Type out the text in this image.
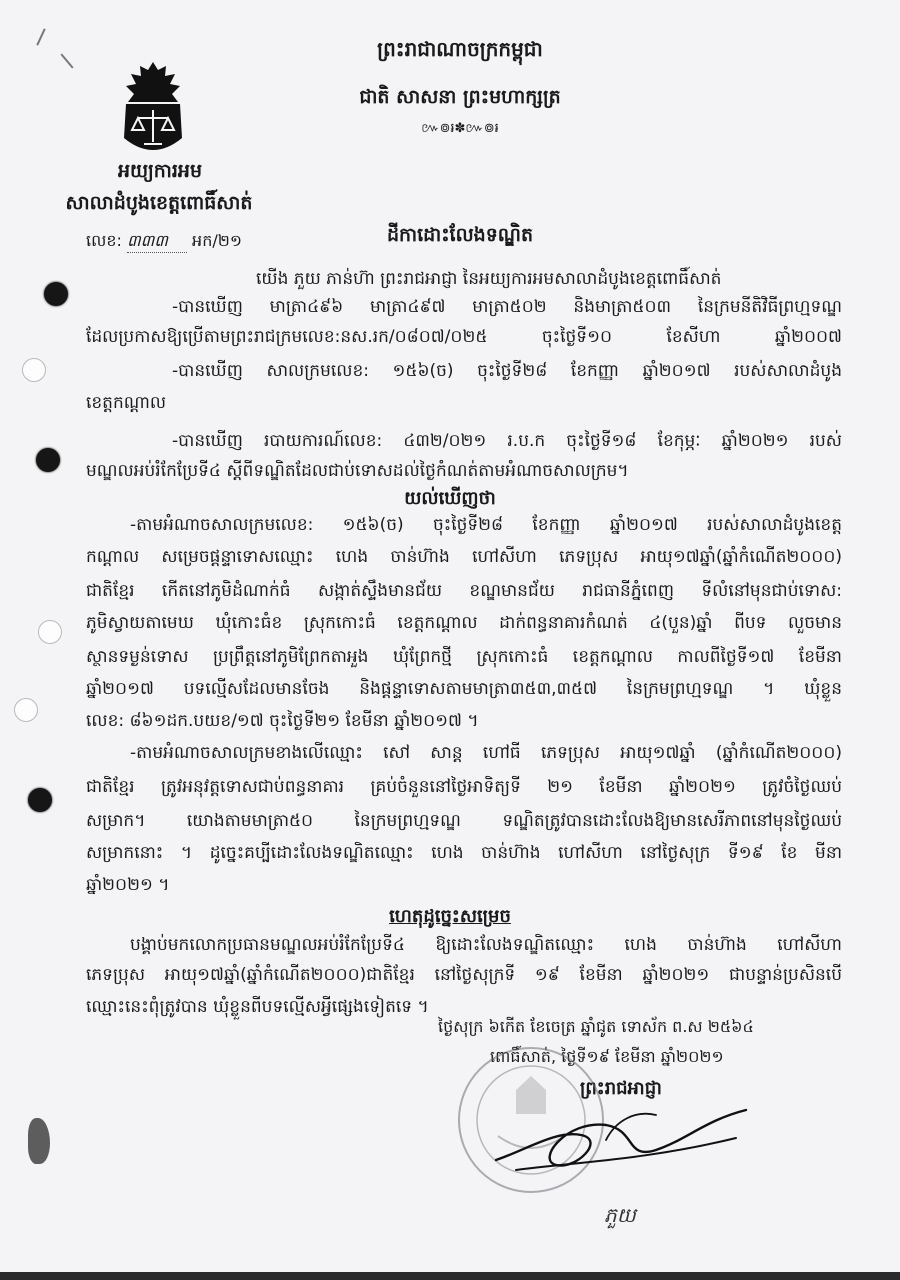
អយ្យការអម
សាលាដំបូងខេត្តពោធិ៍សាត់
លេខ: ៣៣៣ អក/២១
ព្រះរាជាណាចក្រកម្ពុជា
ជាតិ សាសនា ព្រះមហាក្សត្រ
៚៙៛✽៚៙៛
ដីកាដោះលែងទណ្ឌិត
យើង ភួយ ភាន់ហ៊ា ព្រះរាជអាជ្ញា នៃអយ្យការអមសាលាដំបូងខេត្តពោធិ៍សាត់
-បានឃើញ មាត្រា៤៩៦ មាត្រា៤៩៧ មាត្រា៥០២ និងមាត្រា៥០៣ នៃក្រមនីតិវិធីព្រហ្មទណ្ឌ
ដែលប្រកាសឱ្យប្រើតាមព្រះរាជក្រមលេខ:នស.រក/០៨០៧/០២៥ ចុះថ្ងៃទី១០ ខែសីហា ឆ្នាំ២០០៧
-បានឃើញ សាលក្រមលេខ: ១៥៦(ច) ចុះថ្ងៃទី២៨ ខែកញ្ញា ឆ្នាំ២០១៧ របស់សាលាដំបូង
ខេត្តកណ្ដាល
-បានឃើញ របាយការណ៍លេខ: ៤៣២/០២១ រ.ប.ក ចុះថ្ងៃទី១៨ ខែកុម្ភៈ ឆ្នាំ២០២១ របស់
មណ្ឌលអប់រំកែប្រែទី៤ ស្តីពីទណ្ឌិតដែលជាប់ទោសដល់ថ្ងៃកំណត់តាមអំណាចសាលក្រម។
យល់ឃើញថា
-តាមអំណាចសាលក្រមលេខ: ១៥៦(ច) ចុះថ្ងៃទី២៨ ខែកញ្ញា ឆ្នាំ២០១៧ របស់សាលាដំបូងខេត្ត
កណ្ដាល សម្រេចផ្តន្ទាទោសឈ្មោះ ហេង ចាន់ហ៊ាង ហៅសីហា ភេទប្រុស អាយុ១៧ឆ្នាំ(ឆ្នាំកំណើត២០០០)
ជាតិខ្មែរ កើតនៅភូមិដំណាក់ធំ សង្កាត់ស្ទឹងមានជ័យ ខណ្ឌមានជ័យ រាជធានីភ្នំពេញ ទីលំនៅមុនជាប់ទោស:
ភូមិស្វាយតាមេឃ ឃុំកោះធំខ ស្រុកកោះធំ ខេត្តកណ្តាល ដាក់ពន្ធនាគារកំណត់ ៤(បួន)ឆ្នាំ ពីបទ លួចមាន
ស្ថានទម្ងន់ទោស ប្រព្រឹត្តនៅភូមិព្រែកតាអួង ឃុំព្រែកថ្មី ស្រុកកោះធំ ខេត្តកណ្តាល កាលពីថ្ងៃទី១៧ ខែមីនា
ឆ្នាំ២០១៧ បទល្មើសដែលមានចែង និងផ្តន្ទាទោសតាមមាត្រា៣៥៣,៣៥៧ នៃក្រមព្រហ្មទណ្ឌ ។ ឃុំខ្លួន
លេខ: ៨៦១ដក.បយខ/១៧ ចុះថ្ងៃទី២១ ខែមីនា ឆ្នាំ២០១៧ ។
-តាមអំណាចសាលក្រមខាងលើឈ្មោះ សៅ សាន្ត ហៅធី ភេទប្រុស អាយុ១៧ឆ្នាំ (ឆ្នាំកំណើត២០០០)
ជាតិខ្មែរ ត្រូវអនុវត្តទោសជាប់ពន្ធនាគារ គ្រប់ចំនួននៅថ្ងៃអាទិត្យទី ២១ ខែមីនា ឆ្នាំ២០២១ ត្រូវចំថ្ងៃឈប់
សម្រាក។ យោងតាមមាត្រា៥០ នៃក្រមព្រហ្មទណ្ឌ ទណ្ឌិតត្រូវបានដោះលែងឱ្យមានសេរីភាពនៅមុនថ្ងៃឈប់
សម្រាកនោះ ។ ដូច្នេះគប្បីដោះលែងទណ្ឌិតឈ្មោះ ហេង ចាន់ហ៊ាង ហៅសីហា នៅថ្ងៃសុក្រ ទី១៩ ខែ មីនា
ឆ្នាំ២០២១ ។
ហេតុដូច្នេះសម្រេច
បង្គាប់មកលោកប្រធានមណ្ឌលអប់រំកែប្រែទី៤ ឱ្យដោះលែងទណ្ឌិតឈ្មោះ ហេង ចាន់ហ៊ាង ហៅសីហា
ភេទប្រុស អាយុ១៧ឆ្នាំ(ឆ្នាំកំណើត២០០០)ជាតិខ្មែរ នៅថ្ងៃសុក្រទី ១៩ ខែមីនា ឆ្នាំ២០២១ ជាបន្ទាន់ប្រសិនបើ
ឈ្មោះនេះពុំត្រូវបាន ឃុំខ្លួនពីបទល្មើសអ្វីផ្សេងទៀតទេ ។
ថ្ងៃសុក្រ ៦កើត ខែចេត្រ ឆ្នាំជូត ទោស័ក ព.ស ២៥៦៤
ពោធិ៍សាត់, ថ្ងៃទី១៩ ខែមីនា ឆ្នាំ២០២១
ព្រះរាជអាជ្ញា
ភួយ
